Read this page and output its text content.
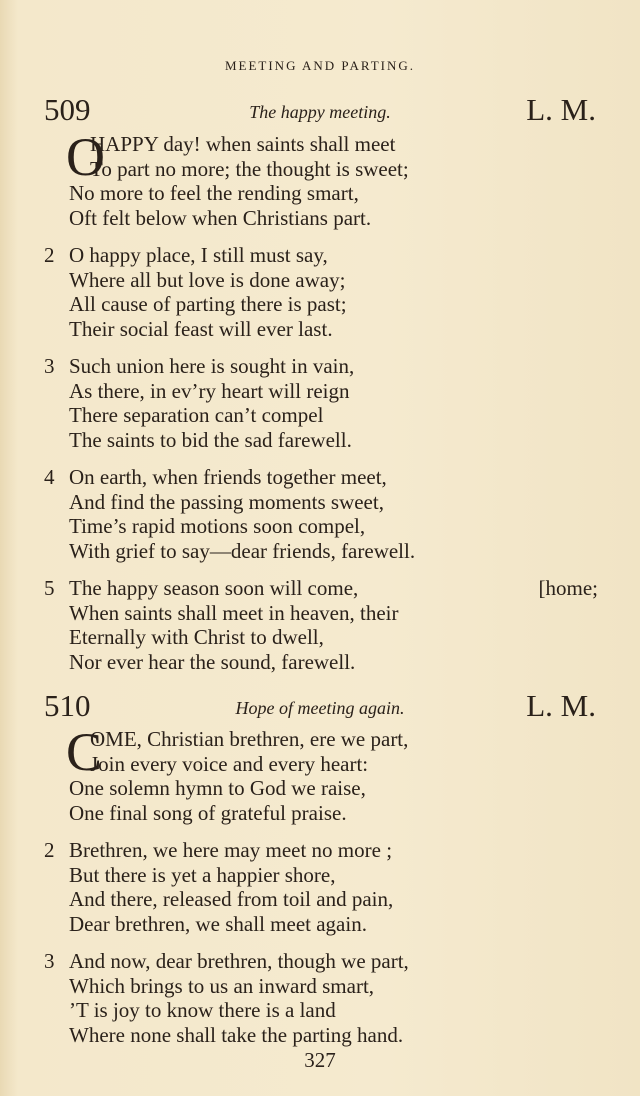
MEETING AND PARTING.
509	The happy meeting.	L. M.
O
HAPPY day! when saints shall meet
To part no more; the thought is sweet;
No more to feel the rending smart,
Oft felt below when Christians part.
2 O happy place, I still must say,
Where all but love is done away;
All cause of parting there is past;
Their social feast will ever last.
3 Such union here is sought in vain,
As there, in ev’ry heart will reign
There separation can’t compel
The saints to bid the sad farewell.
4 On earth, when friends together meet,
And find the passing moments sweet,
Time’s rapid motions soon compel,
With grief to say—dear friends, farewell.
5 The happy season soon will come,	[home;
When saints shall meet in heaven, their
Eternally with Christ to dwell,
Nor ever hear the sound, farewell.
510	Hope of meeting again.	L. M.
C
OME, Christian brethren, ere we part,
Join every voice and every heart:
One solemn hymn to God we raise,
One final song of grateful praise.
2 Brethren, we here may meet no more ;
But there is yet a happier shore,
And there, released from toil and pain,
Dear brethren, we shall meet again.
3 And now, dear brethren, though we part,
Which brings to us an inward smart,
’T is joy to know there is a land
Where none shall take the parting hand.
327
